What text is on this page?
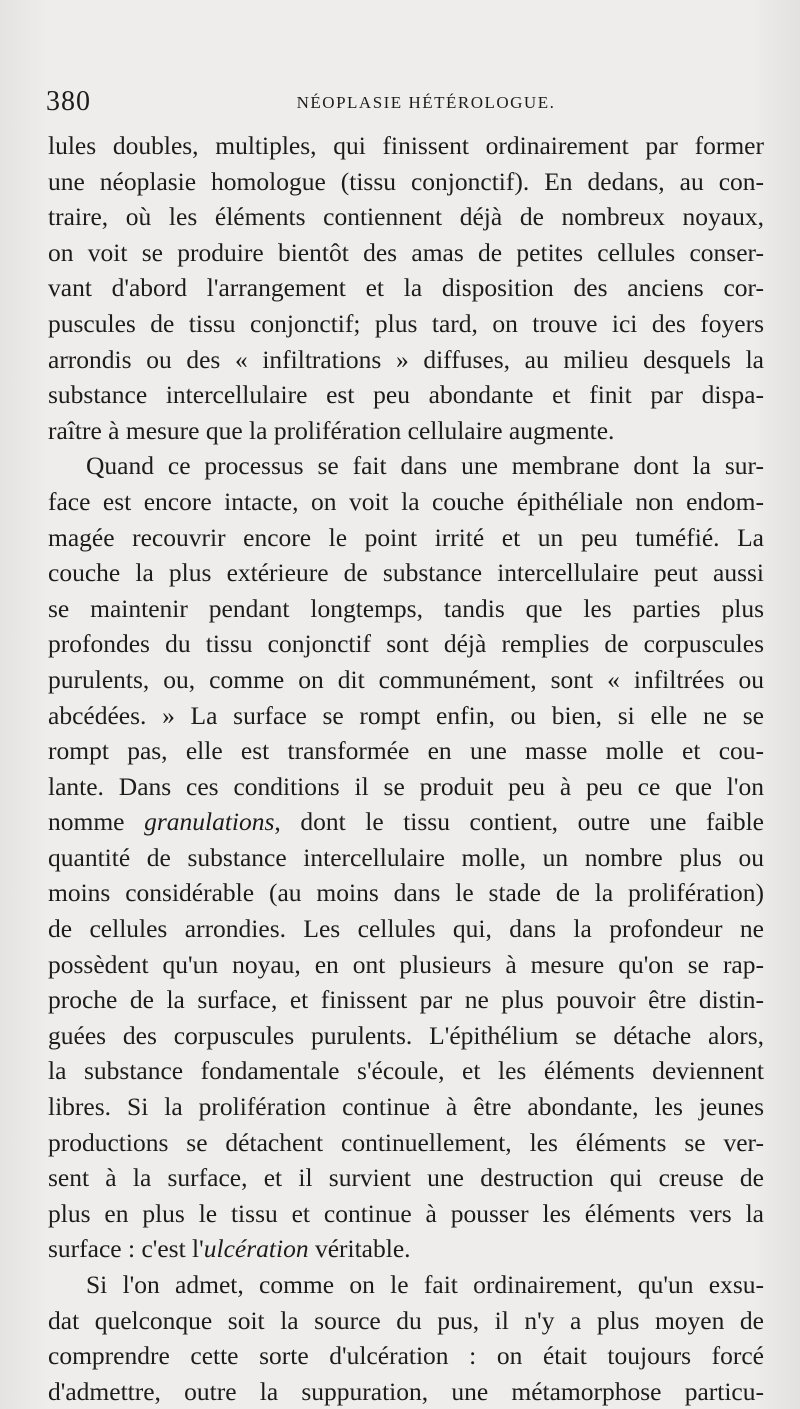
380	NÉOPLASIE HÉTÉROLOGUE.
lules doubles, multiples, qui finissent ordinairement par former
une néoplasie homologue (tissu conjonctif). En dedans, au con-
traire, où les éléments contiennent déjà de nombreux noyaux,
on voit se produire bientôt des amas de petites cellules conser-
vant d'abord l'arrangement et la disposition des anciens cor-
puscules de tissu conjonctif; plus tard, on trouve ici des foyers
arrondis ou des « infiltrations » diffuses, au milieu desquels la
substance intercellulaire est peu abondante et finit par dispa-
raître à mesure que la prolifération cellulaire augmente.
Quand ce processus se fait dans une membrane dont la sur-
face est encore intacte, on voit la couche épithéliale non endom-
magée recouvrir encore le point irrité et un peu tuméfié. La
couche la plus extérieure de substance intercellulaire peut aussi
se maintenir pendant longtemps, tandis que les parties plus
profondes du tissu conjonctif sont déjà remplies de corpuscules
purulents, ou, comme on dit communément, sont « infiltrées ou
abcédées. » La surface se rompt enfin, ou bien, si elle ne se
rompt pas, elle est transformée en une masse molle et cou-
lante. Dans ces conditions il se produit peu à peu ce que l'on
nomme granulations, dont le tissu contient, outre une faible
quantité de substance intercellulaire molle, un nombre plus ou
moins considérable (au moins dans le stade de la prolifération)
de cellules arrondies. Les cellules qui, dans la profondeur ne
possèdent qu'un noyau, en ont plusieurs à mesure qu'on se rap-
proche de la surface, et finissent par ne plus pouvoir être distin-
guées des corpuscules purulents. L'épithélium se détache alors,
la substance fondamentale s'écoule, et les éléments deviennent
libres. Si la prolifération continue à être abondante, les jeunes
productions se détachent continuellement, les éléments se ver-
sent à la surface, et il survient une destruction qui creuse de
plus en plus le tissu et continue à pousser les éléments vers la
surface : c'est l'ulcération véritable.
Si l'on admet, comme on le fait ordinairement, qu'un exsu-
dat quelconque soit la source du pus, il n'y a plus moyen de
comprendre cette sorte d'ulcération : on était toujours forcé
d'admettre, outre la suppuration, une métamorphose particu-
